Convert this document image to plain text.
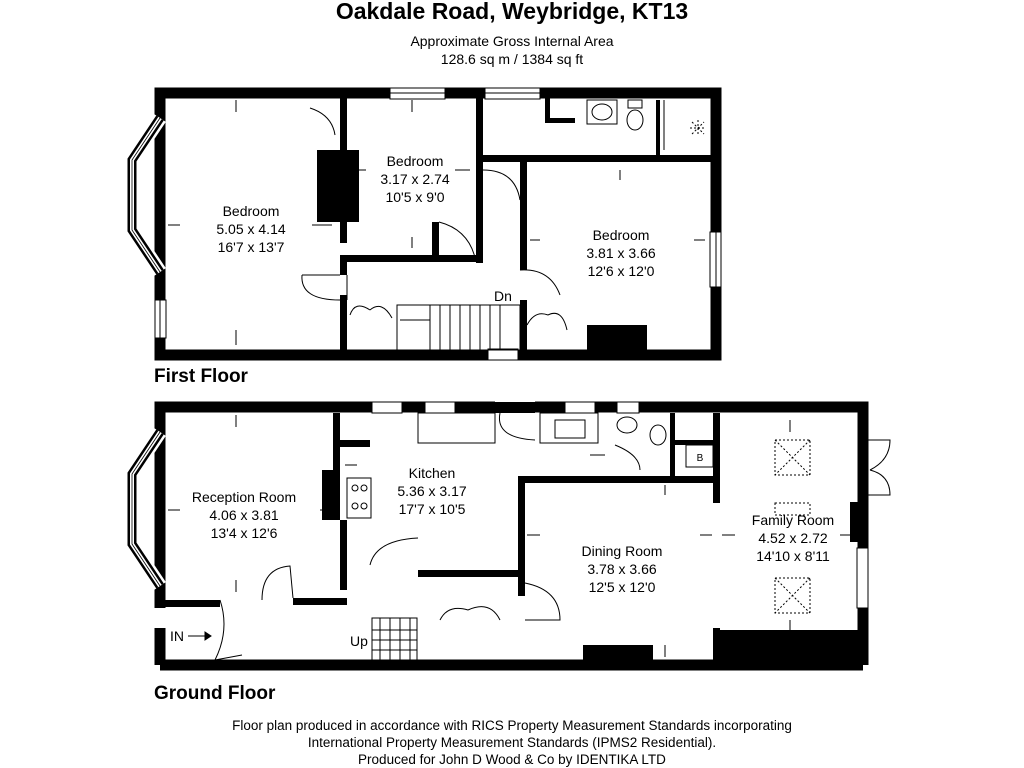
Oakdale Road, Weybridge, KT13
Approximate Gross Internal Area
128.6 sq m / 1384 sq ft
Bedroom
5.05 x 4.14
16'7 x 13'7
Bedroom
3.17 x 2.74
10'5 x 9'0
Bedroom
3.81 x 3.66
12'6 x 12'0
Dn
B
Reception Room
4.06 x 3.81
13'4 x 12'6
Kitchen
5.36 x 3.17
17'7 x 10'5
Dining Room
3.78 x 3.66
12'5 x 12'0
Family Room
4.52 x 2.72
14'10 x 8'11
Up
IN
First Floor
Ground Floor
Floor plan produced in accordance with RICS Property Measurement Standards incorporating
International Property Measurement Standards (IPMS2 Residential).
Produced for John D Wood & Co by IDENTIKA LTD
